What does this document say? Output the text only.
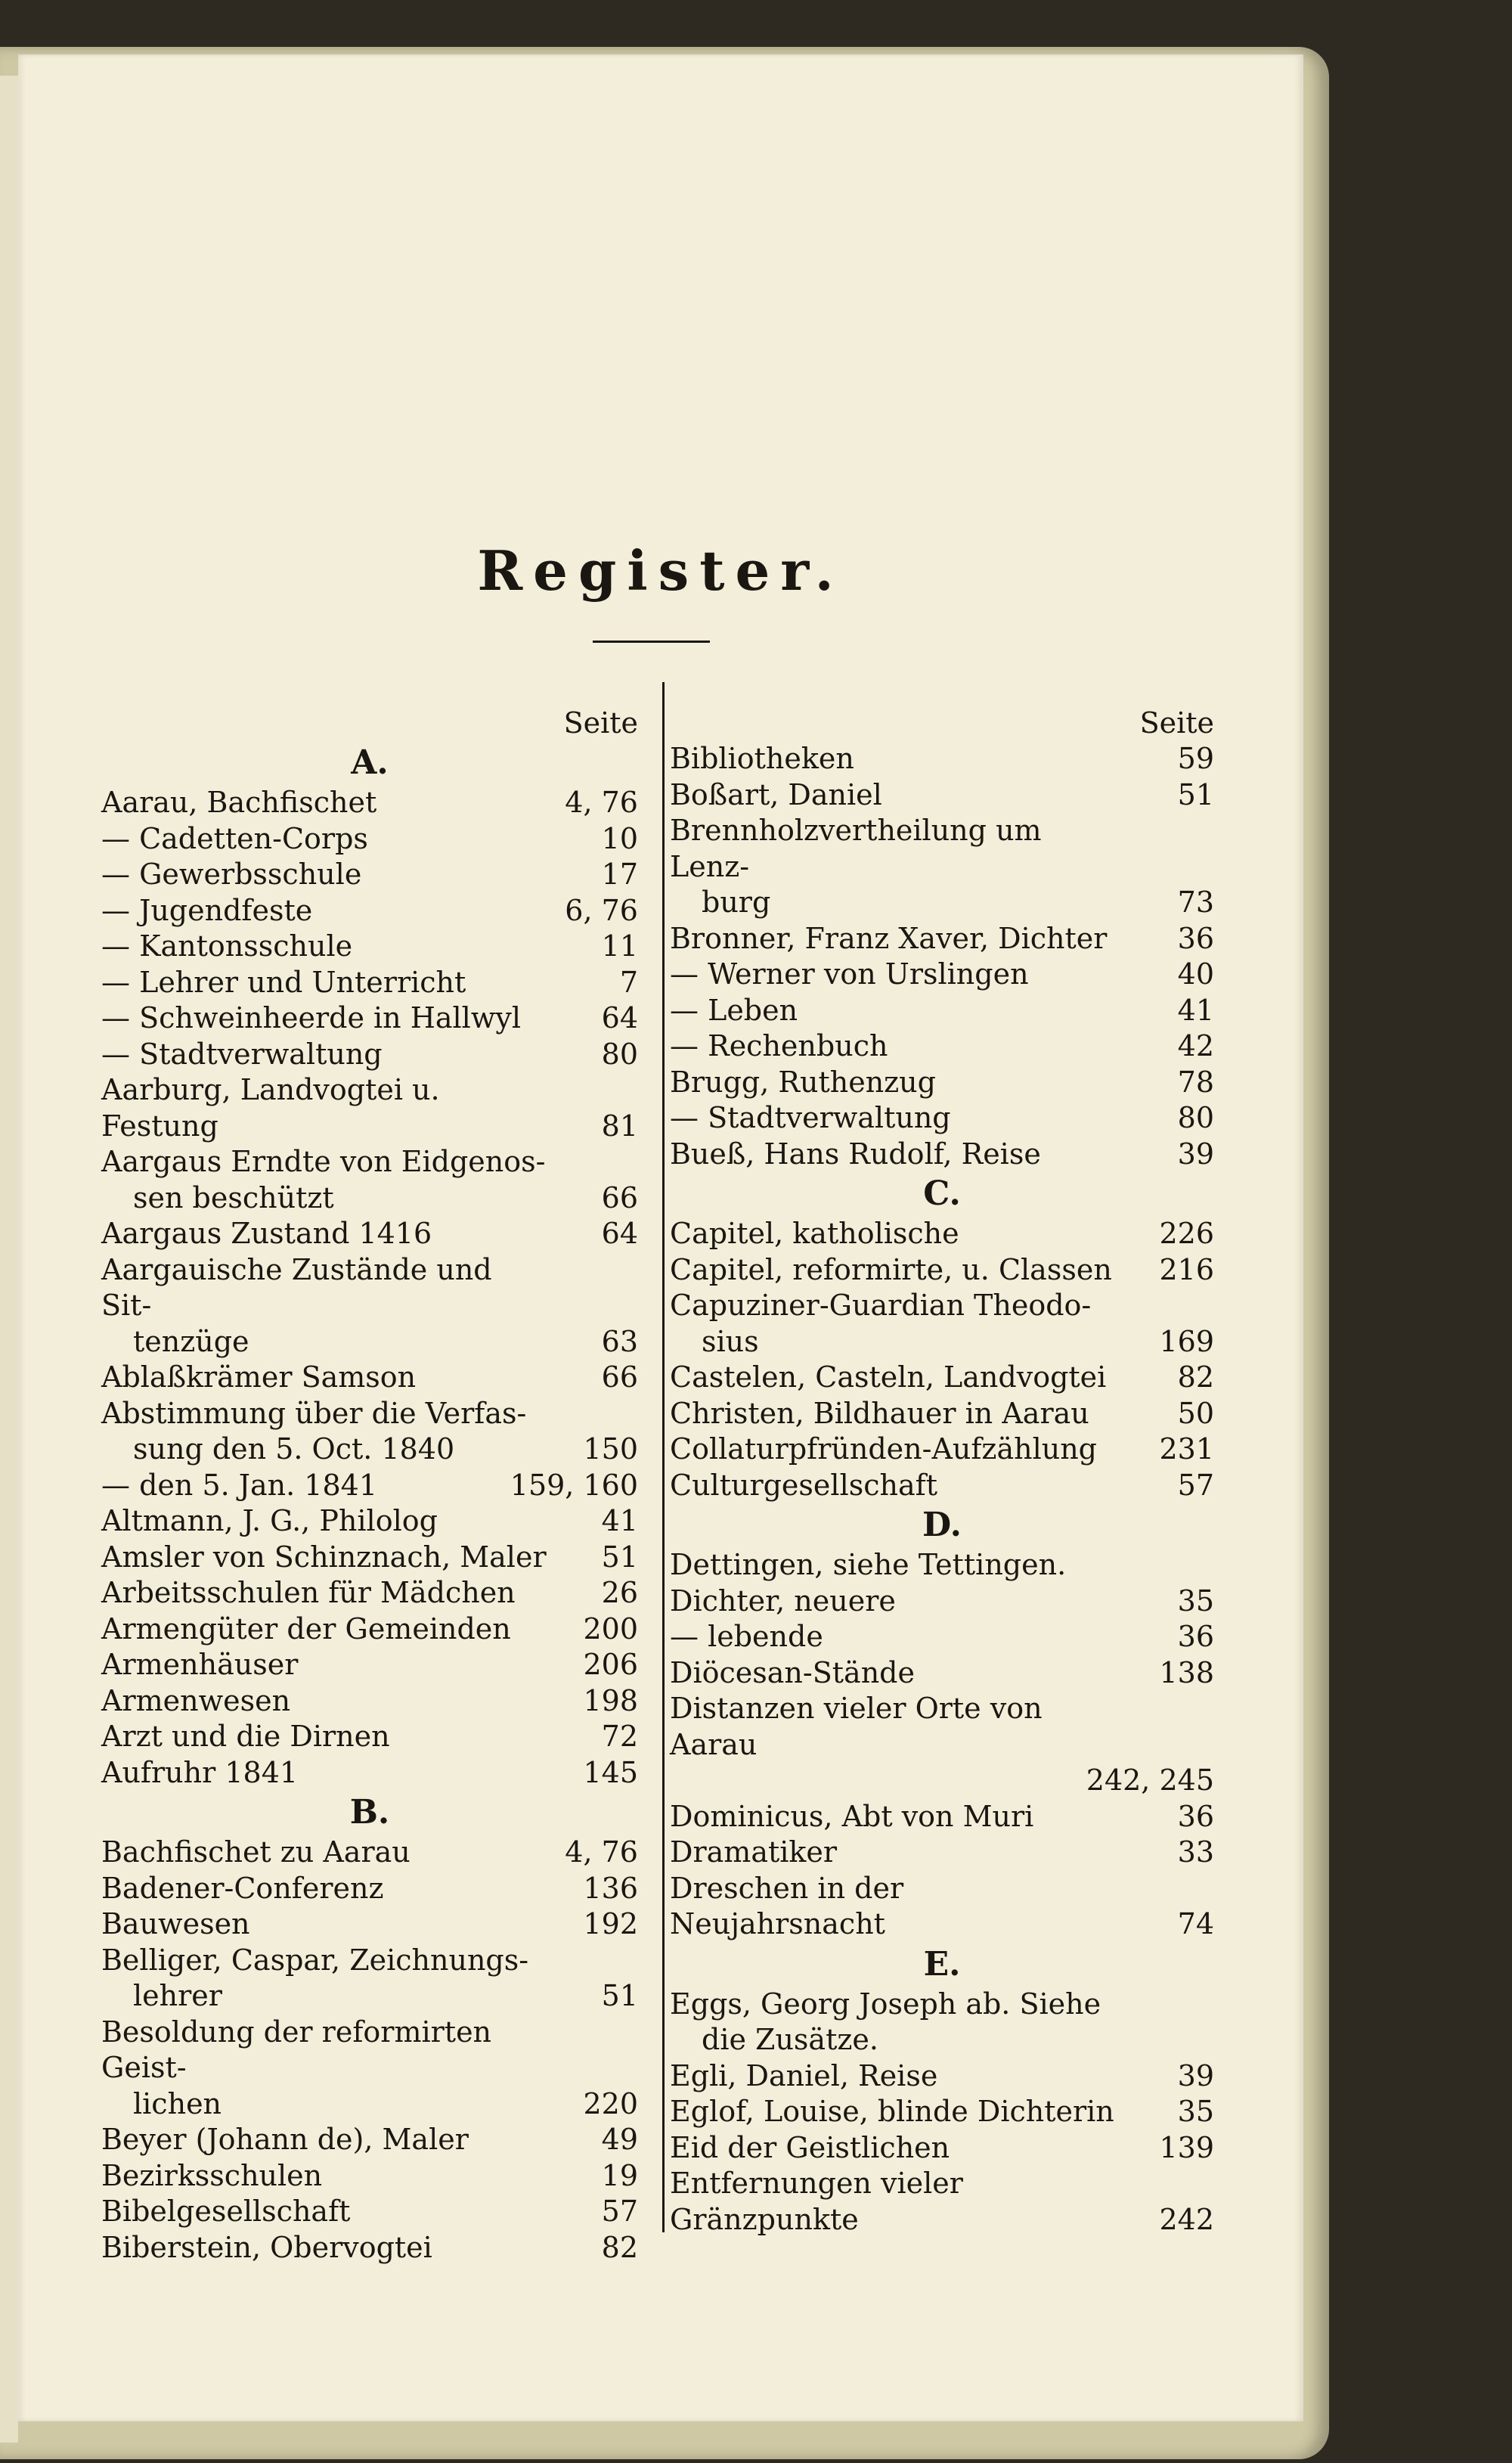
Register.
Seite
A.
Aarau, Bachfischet	4, 76
— Cadetten-Corps	10
— Gewerbsschule	17
— Jugendfeste	6, 76
— Kantonsschule	11
— Lehrer und Unterricht	7
— Schweinheerde in Hallwyl	64
— Stadtverwaltung	80
Aarburg, Landvogtei u. Festung	81
Aargaus Erndte von Eidgenos-
sen beschützt	66
Aargaus Zustand 1416	64
Aargauische Zustände und Sit-
tenzüge	63
Ablaßkrämer Samson	66
Abstimmung über die Verfas-
sung den 5. Oct. 1840	150
— den 5. Jan. 1841	159, 160
Altmann, J. G., Philolog	41
Amsler von Schinznach, Maler	51
Arbeitsschulen für Mädchen	26
Armengüter der Gemeinden	200
Armenhäuser	206
Armenwesen	198
Arzt und die Dirnen	72
Aufruhr 1841	145
B.
Bachfischet zu Aarau	4, 76
Badener-Conferenz	136
Bauwesen	192
Belliger, Caspar, Zeichnungs-
lehrer	51
Besoldung der reformirten Geist-
lichen	220
Beyer (Johann de), Maler	49
Bezirksschulen	19
Bibelgesellschaft	57
Biberstein, Obervogtei	82
Seite
Bibliotheken	59
Boßart, Daniel	51
Brennholzvertheilung um Lenz-
burg	73
Bronner, Franz Xaver, Dichter	36
— Werner von Urslingen	40
— Leben	41
— Rechenbuch	42
Brugg, Ruthenzug	78
— Stadtverwaltung	80
Bueß, Hans Rudolf, Reise	39
C.
Capitel, katholische	226
Capitel, reformirte, u. Classen	216
Capuziner-Guardian Theodo-
sius	169
Castelen, Casteln, Landvogtei	82
Christen, Bildhauer in Aarau	50
Collaturpfründen-Aufzählung	231
Culturgesellschaft	57
D.
Dettingen, siehe Tettingen.
Dichter, neuere	35
— lebende	36
Diöcesan-Stände	138
Distanzen vieler Orte von Aarau

242, 245
Dominicus, Abt von Muri	36
Dramatiker	33
Dreschen in der Neujahrsnacht	74
E.
Eggs, Georg Joseph ab. Siehe
die Zusätze.
Egli, Daniel, Reise	39
Eglof, Louise, blinde Dichterin	35
Eid der Geistlichen	139
Entfernungen vieler Gränzpunkte	242
